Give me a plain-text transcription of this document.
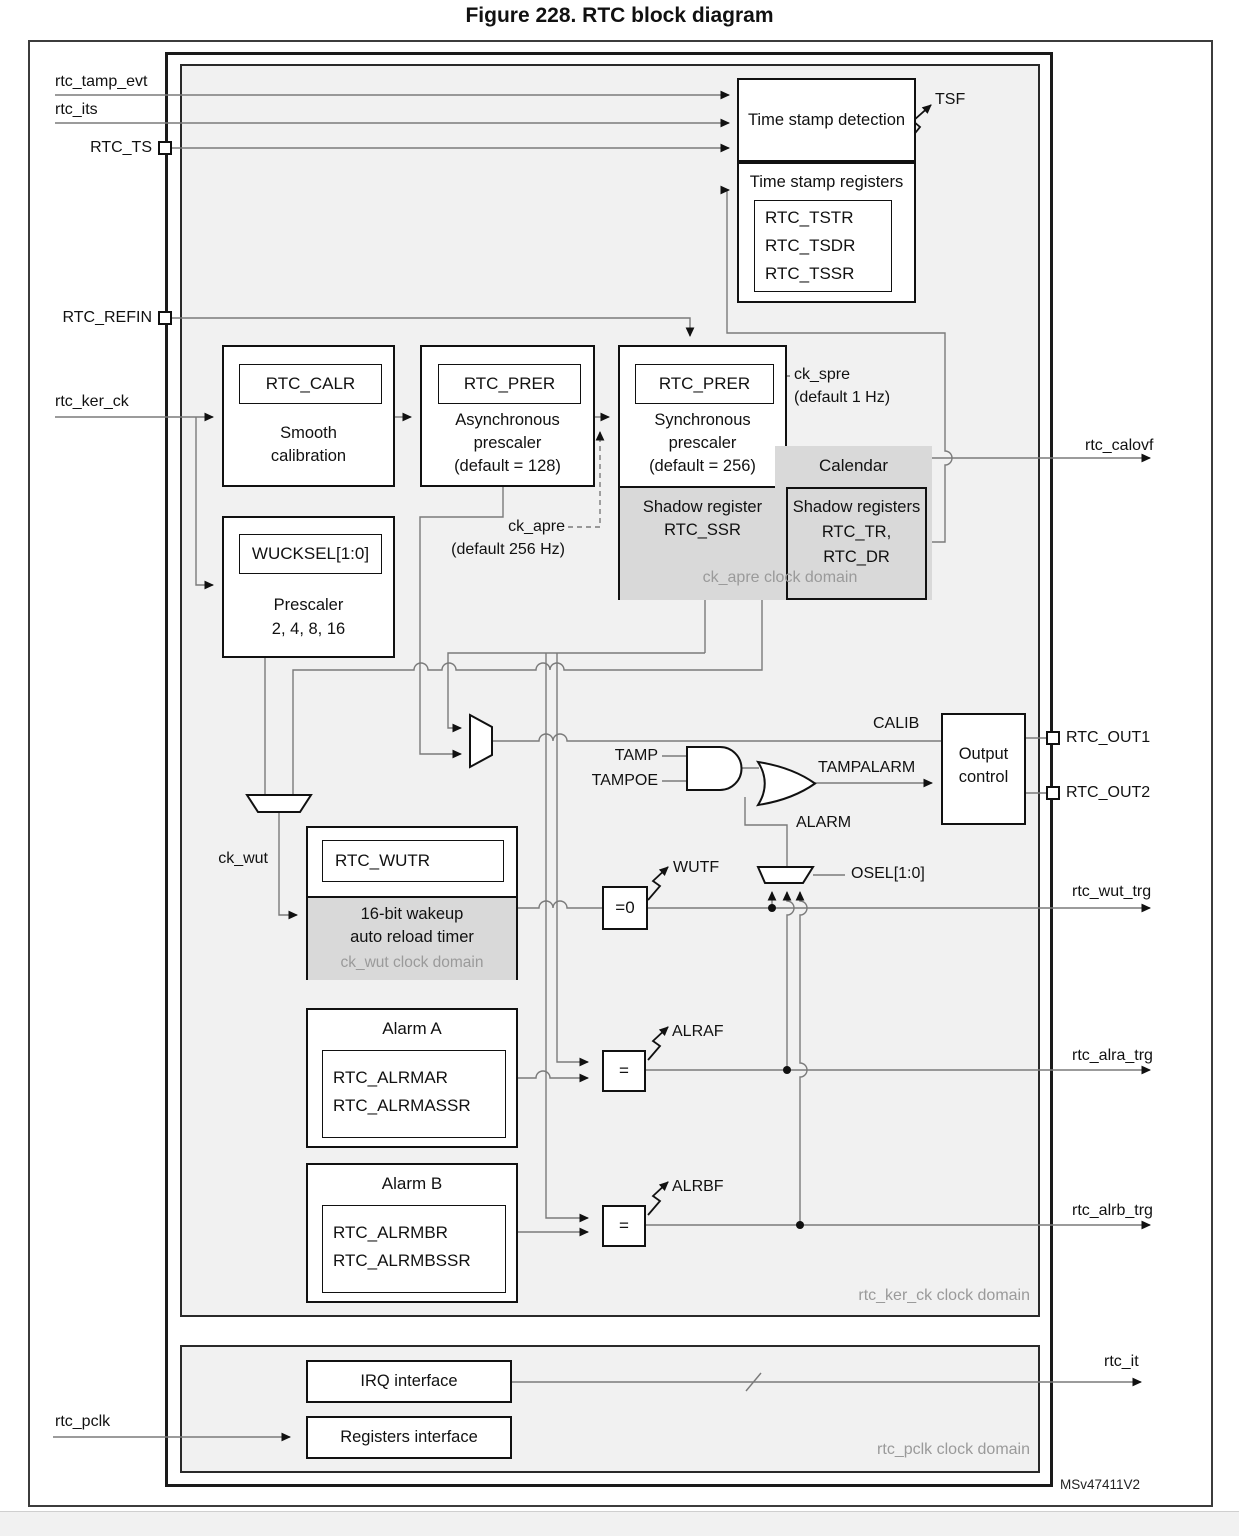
Figure 228. RTC block diagram
Time stamp detection
Time stamp registers
RTC_TSTR
RTC_TSDR
RTC_TSSR
RTC_CALR
Smooth
calibration
RTC_PRER
Asynchronous
prescaler
(default = 128)
RTC_PRER
Synchronous
prescaler
(default = 256)
Shadow register
RTC_SSR
Calendar
Shadow registers
RTC_TR,
RTC_DR
ck_apre clock domain
WUCKSEL[1:0]
Prescaler
2, 4, 8, 16
RTC_WUTR
16-bit wakeup
auto reload timer
ck_wut clock domain
Alarm A
RTC_ALRMAR
RTC_ALRMASSR
Alarm B
RTC_ALRMBR
RTC_ALRMBSSR
=0
=
=
Output
control
IRQ interface
Registers interface
rtc_tamp_evt
rtc_its
RTC_TS
RTC_REFIN
rtc_ker_ck
rtc_pclk
rtc_calovf
RTC_OUT1
RTC_OUT2
rtc_wut_trg
rtc_alra_trg
rtc_alrb_trg
rtc_it
TSF
WUTF
ALRAF
ALRBF
ck_apre
(default 256 Hz)
ck_spre
(default 1 Hz)
ck_wut
CALIB
TAMP
TAMPOE
TAMPALARM
ALARM
OSEL[1:0]
rtc_ker_ck clock domain
rtc_pclk clock domain
MSv47411V2
